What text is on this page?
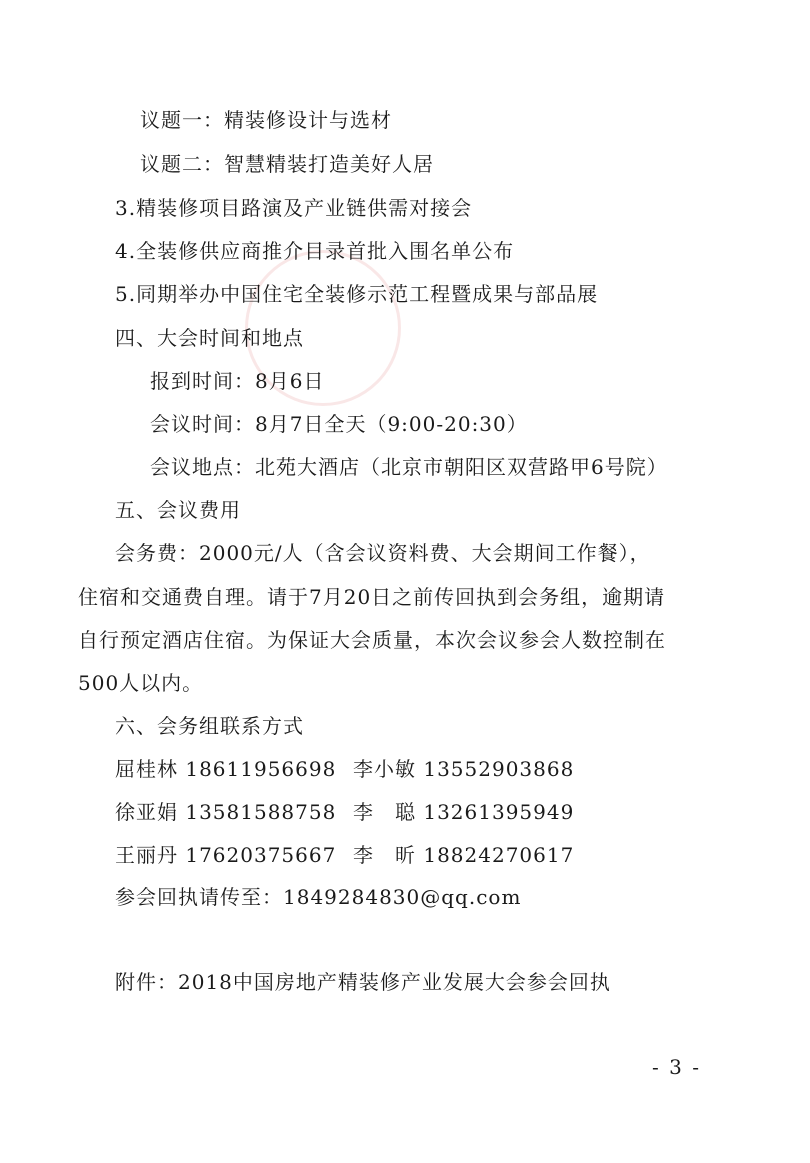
议题一：精装修设计与选材
议题二：智慧精装打造美好人居
3.精装修项目路演及产业链供需对接会
4.全装修供应商推介目录首批入围名单公布
5.同期举办中国住宅全装修示范工程暨成果与部品展
四、大会时间和地点
报到时间：8月6日
会议时间：8月7日全天（9:00-20:30）
会议地点：北苑大酒店（北京市朝阳区双营路甲6号院）
五、会议费用
会务费：2000元/人（含会议资料费、大会期间工作餐），
住宿和交通费自理。请于7月20日之前传回执到会务组，逾期请
自行预定酒店住宿。为保证大会质量，本次会议参会人数控制在
500人以内。
六、会务组联系方式
屈桂林 18611956698 李小敏 13552903868
徐亚娟 13581588758 李　聪 13261395949
王丽丹 17620375667 李　昕 18824270617
参会回执请传至：1849284830@qq.com
附件：2018中国房地产精装修产业发展大会参会回执
- 3 -
